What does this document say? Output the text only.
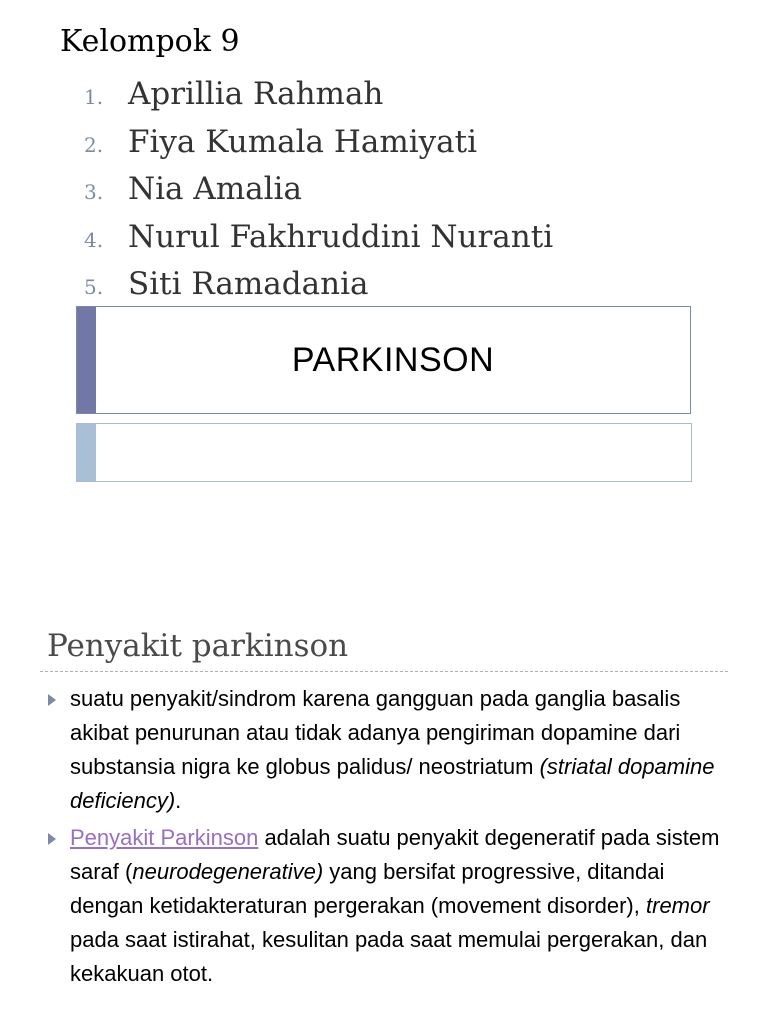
Kelompok 9
1. Aprillia Rahmah
2. Fiya Kumala Hamiyati
3. Nia Amalia
4. Nurul Fakhruddini Nuranti
5. Siti Ramadania
PARKINSON
Penyakit parkinson
suatu penyakit/sindrom karena gangguan pada ganglia basalis akibat penurunan atau tidak adanya pengiriman dopamine dari substansia nigra ke globus palidus/ neostriatum (striatal dopamine deficiency).
Penyakit Parkinson adalah suatu penyakit degeneratif pada sistem saraf (neurodegenerative) yang bersifat progressive, ditandai dengan ketidakteraturan pergerakan (movement disorder), tremor pada saat istirahat, kesulitan pada saat memulai pergerakan, dan kekakuan otot.
